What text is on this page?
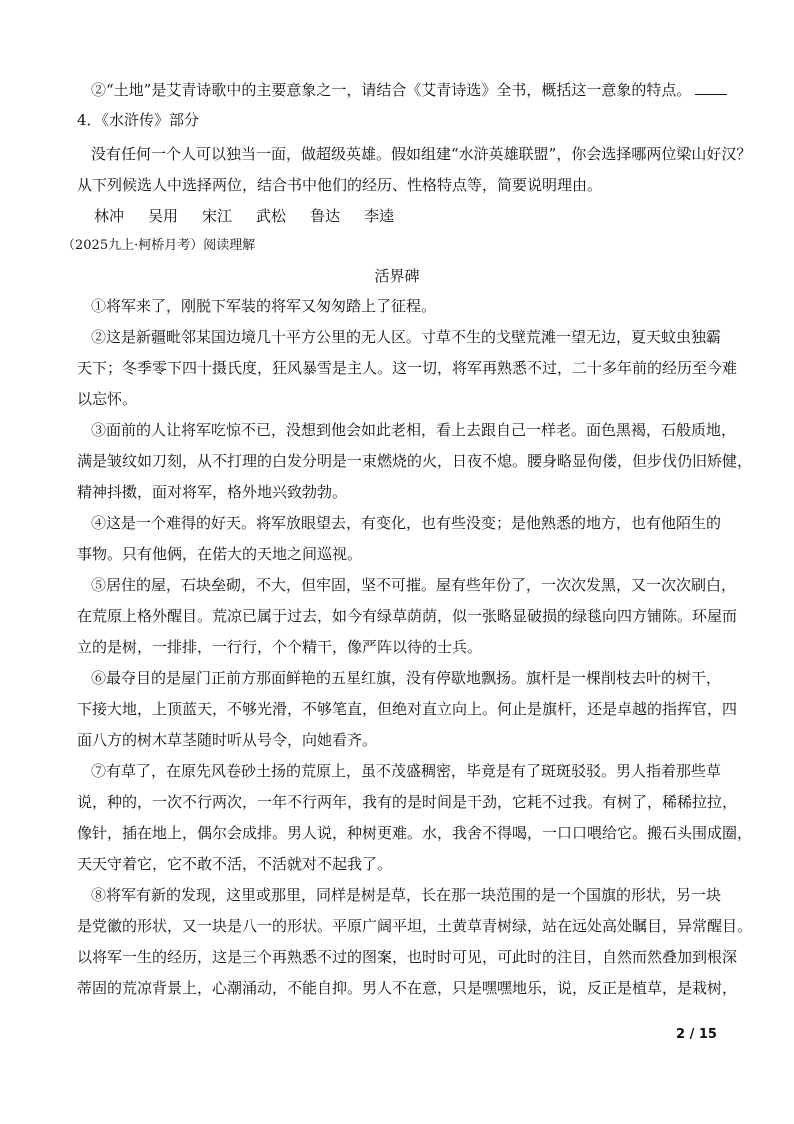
②“土地”是艾青诗歌中的主要意象之一，请结合《艾青诗选》全书，概括这一意象的特点。
4．《水浒传》部分
没有任何一个人可以独当一面，做超级英雄。假如组建“水浒英雄联盟”，你会选择哪两位梁山好汉？
从下列候选人中选择两位，结合书中他们的经历、性格特点等，简要说明理由。
林冲 吴用 宋江 武松 鲁达 李逵
（2025九上·柯桥月考）阅读理解
活界碑
①将军来了，刚脱下军装的将军又匆匆踏上了征程。
②这是新疆毗邻某国边境几十平方公里的无人区。寸草不生的戈壁荒滩一望无边，夏天蚊虫独霸
天下；冬季零下四十摄氏度，狂风暴雪是主人。这一切，将军再熟悉不过，二十多年前的经历至今难
以忘怀。
③面前的人让将军吃惊不已，没想到他会如此老相，看上去跟自己一样老。面色黑褐，石般质地，
满是皱纹如刀刻，从不打理的白发分明是一束燃烧的火，日夜不熄。腰身略显佝偻，但步伐仍旧矫健，
精神抖擞，面对将军，格外地兴致勃勃。
④这是一个难得的好天。将军放眼望去，有变化，也有些没变；是他熟悉的地方，也有他陌生的
事物。只有他俩，在偌大的天地之间巡视。
⑤居住的屋，石块垒砌，不大，但牢固，坚不可摧。屋有些年份了，一次次发黑，又一次次刷白，
在荒原上格外醒目。荒凉已属于过去，如今有绿草荫荫，似一张略显破损的绿毯向四方铺陈。环屋而
立的是树，一排排，一行行，个个精干，像严阵以待的士兵。
⑥最夺目的是屋门正前方那面鲜艳的五星红旗，没有停歇地飘扬。旗杆是一棵削枝去叶的树干，
下接大地，上顶蓝天，不够光滑，不够笔直，但绝对直立向上。何止是旗杆，还是卓越的指挥官，四
面八方的树木草茎随时听从号令，向她看齐。
⑦有草了，在原先风卷砂土扬的荒原上，虽不茂盛稠密，毕竟是有了斑斑驳驳。男人指着那些草
说，种的，一次不行两次，一年不行两年，我有的是时间是干劲，它耗不过我。有树了，稀稀拉拉，
像针，插在地上，偶尔会成排。男人说，种树更难。水，我舍不得喝，一口口喂给它。搬石头围成圈，
天天守着它，它不敢不活，不活就对不起我了。
⑧将军有新的发现，这里或那里，同样是树是草，长在那一块范围的是一个国旗的形状，另一块
是党徽的形状，又一块是八一的形状。平原广阔平坦，土黄草青树绿，站在远处高处瞩目，异常醒目。
以将军一生的经历，这是三个再熟悉不过的图案，也时时可见，可此时的注目，自然而然叠加到根深
蒂固的荒凉背景上，心潮涌动，不能自抑。男人不在意，只是嘿嘿地乐，说，反正是植草，是栽树，
2 / 15
